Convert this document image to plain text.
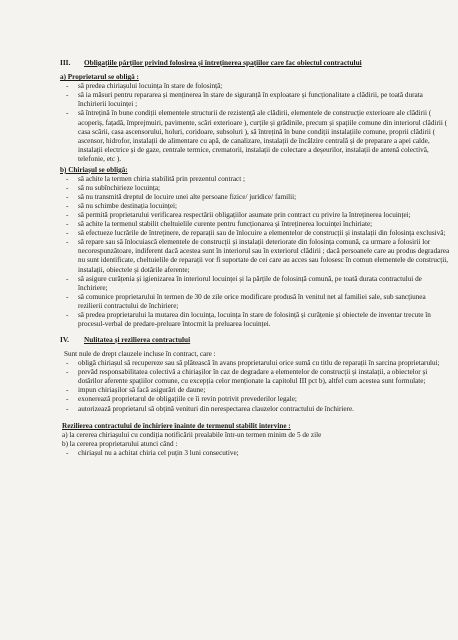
III. Obligațiile părților privind folosirea și întreținerea spațiilor care fac obiectul contractului
a) Proprietarul se obligă :
- să predea chiriașului locuința în stare de folosință;
- să ia măsuri pentru repararea și menținerea în stare de siguranță în exploatare și funcționalitate a clădirii, pe toată durata închirierii locuinței ;
- să întrețină în bune condiții elementele structurii de rezistență ale clădirii, elementele de construcție exterioare ale clădirii ( acoperiș, fațadă, împrejmuiri, pavimente, scări exterioare ), curțile și grădinile, precum și spațiile comune din interiorul clădirii ( casa scării, casa ascensorului, holuri, coridoare, subsoluri ), să întrețină în bune condiții instalațiile comune, proprii clădirii ( ascensor, hidrofor, instalații de alimentare cu apă, de canalizare, instalații de încălzire centrală și de preparare a apei calde, instalații electrice și de gaze, centrale termice, crematorii, instalații de colectare a deșeurilor, instalații de antenă colectivă, telefonie, etc ).
b) Chiriașul se obligă:
- să achite la termen chiria stabilită prin prezentul contract ;
- să nu subînchirieze locuința;
- să nu transmită dreptul de locuire unei alte persoane fizice/ juridice/ familii;
- să nu schimbe destinația locuinței;
- să permită proprietarului verificarea respectării obligațiilor asumate prin contract cu privire la întreținerea locuinței;
- să achite la termenul stabilit cheltuielile curente pentru funcționarea și întreținerea locuinței închiriate;
- să efectueze lucrările de întreținere, de reparații sau de înlocuire a elementelor de construcții și instalații din folosința exclusivă;
- să repare sau să înlocuiască elementele de construcții și instalații deteriorate din folosința comună, ca urmare a folosirii lor necorespunzătoare, indiferent dacă acestea sunt în interiorul sau în exteriorul clădirii ; dacă persoanele care au produs degradarea nu sunt identificate, cheltuielile de reparații vor fi suportate de cei care au acces sau folosesc în comun elementele de construcții, instalații, obiectele și dotările aferente;
- să asigure curățenia și igienizarea în interiorul locuinței și la părțile de folosință comună, pe toată durata contractului de închiriere;
- să comunice proprietarului în termen de 30 de zile orice modificare produsă în venitul net al familiei sale, sub sancțiunea rezilierii contractului de închiriere;
- să predea proprietarului la mutarea din locuința, locuința în stare de folosință și curățenie și obiectele de inventar trecute în procesul-verbal de predare-preluare întocmit la preluarea locuinței.
IV. Nulitatea și rezilierea contractului
Sunt nule de drept clauzele incluse în contract, care :
- obligă chiriașul să recupereze sau să plătească în avans proprietarului orice sumă cu titlu de reparații în sarcina proprietarului;
- prevăd responsabilitatea colectivă a chiriașilor în caz de degradare a elementelor de construcții și instalații, a obiectelor și dotărilor aferente spațiilor comune, cu excepția celor menționate la capitolul III pct b), altfel cum acestea sunt formulate;
- impun chiriașilor să facă asigurări de daune;
- exonerează proprietarul de obligațiile ce îi revin potrivit prevederilor legale;
- autorizează proprietarul să obțină venituri din nerespectarea clauzelor contractului de închiriere.
Rezilierea contractului de închiriere înainte de termenul stabilit intervine :
a) la cererea chiriașului cu condiția notificării prealabile într-un termen minim de 5 de zile
b) la cererea proprietarului atunci când :
- chiriașul nu a achitat chiria cel puțin 3 luni consecutive;
